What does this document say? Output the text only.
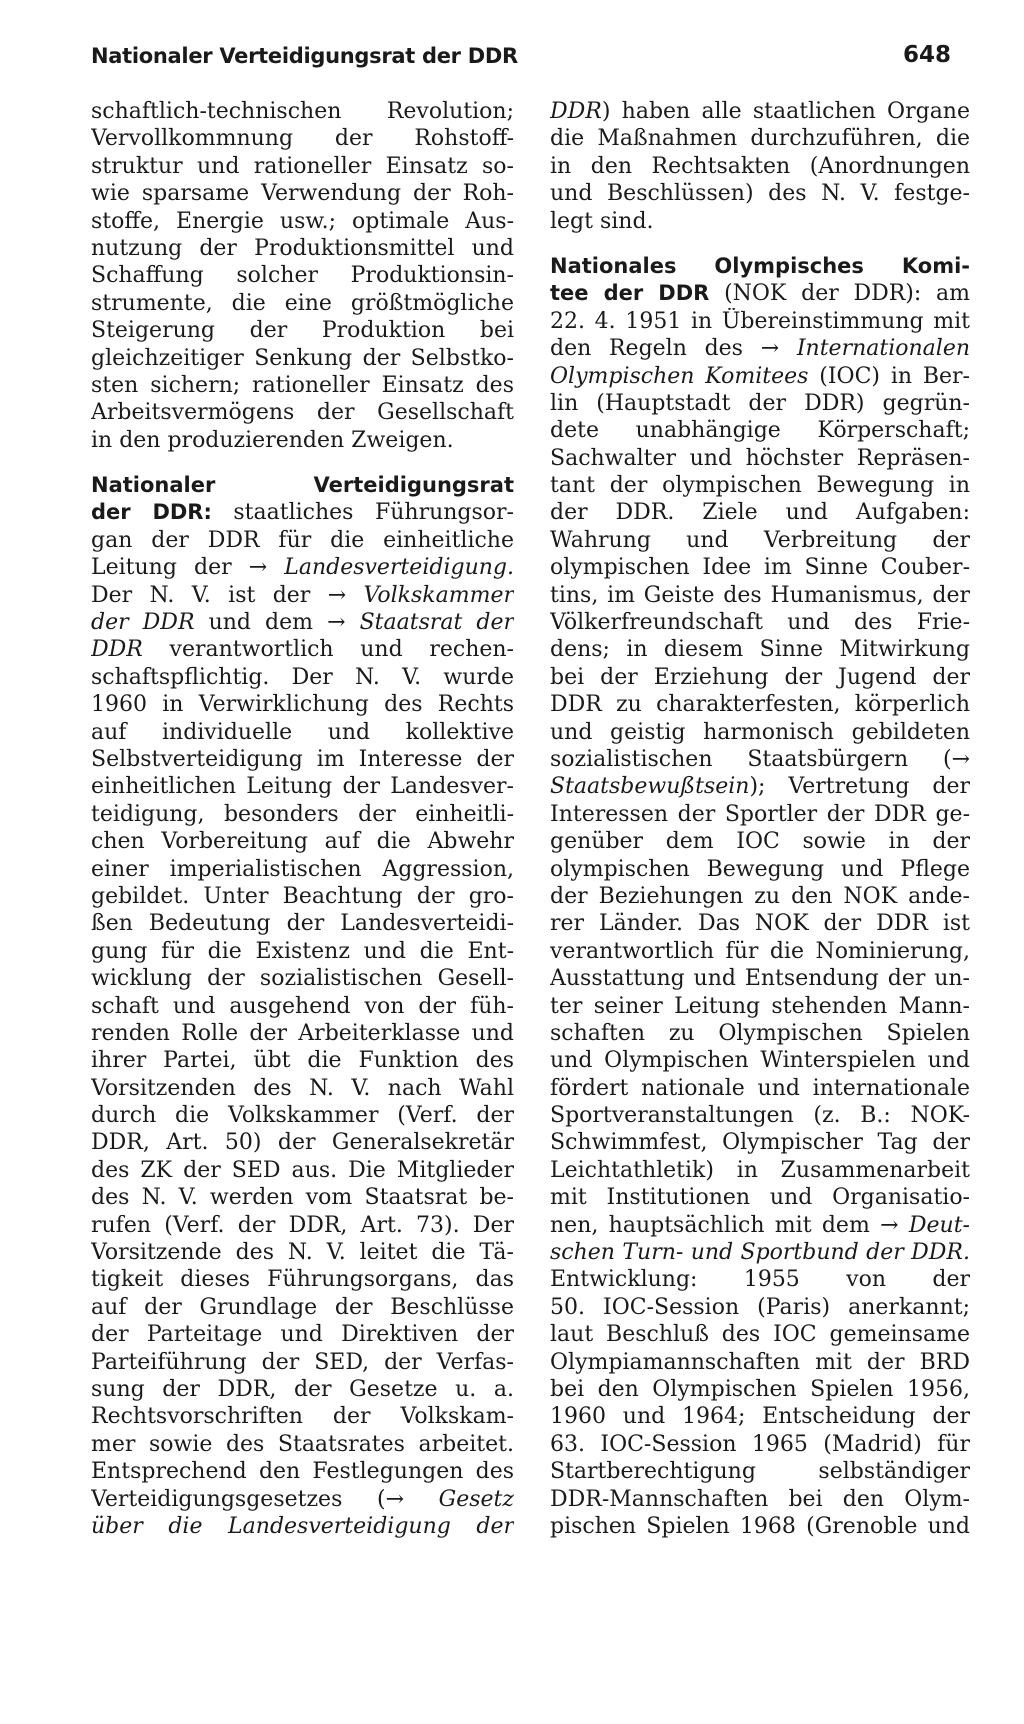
Nationaler Verteidigungsrat der DDR	648
schaftlich-technischen Revolution;
Vervollkommnung der Rohstoff-
struktur und rationeller Einsatz so-
wie sparsame Verwendung der Roh-
stoffe, Energie usw.; optimale Aus-
nutzung der Produktionsmittel und
Schaffung solcher Produktionsin-
strumente, die eine größtmögliche
Steigerung der Produktion bei
gleichzeitiger Senkung der Selbstko-
sten sichern; rationeller Einsatz des
Arbeitsvermögens der Gesellschaft
in den produzierenden Zweigen.
Nationaler Verteidigungsrat
der DDR: staatliches Führungsor-
gan der DDR für die einheitliche
Leitung der → Landesverteidigung.
Der N. V. ist der → Volkskammer
der DDR und dem → Staatsrat der
DDR verantwortlich und rechen-
schaftspflichtig. Der N. V. wurde
1960 in Verwirklichung des Rechts
auf individuelle und kollektive
Selbstverteidigung im Interesse der
einheitlichen Leitung der Landesver-
teidigung, besonders der einheitli-
chen Vorbereitung auf die Abwehr
einer imperialistischen Aggression,
gebildet. Unter Beachtung der gro-
ßen Bedeutung der Landesverteidi-
gung für die Existenz und die Ent-
wicklung der sozialistischen Gesell-
schaft und ausgehend von der füh-
renden Rolle der Arbeiterklasse und
ihrer Partei, übt die Funktion des
Vorsitzenden des N. V. nach Wahl
durch die Volkskammer (Verf. der
DDR, Art. 50) der Generalsekretär
des ZK der SED aus. Die Mitglieder
des N. V. werden vom Staatsrat be-
rufen (Verf. der DDR, Art. 73). Der
Vorsitzende des N. V. leitet die Tä-
tigkeit dieses Führungsorgans, das
auf der Grundlage der Beschlüsse
der Parteitage und Direktiven der
Parteiführung der SED, der Verfas-
sung der DDR, der Gesetze u. a.
Rechtsvorschriften der Volkskam-
mer sowie des Staatsrates arbeitet.
Entsprechend den Festlegungen des
Verteidigungsgesetzes (→ Gesetz
über die Landesverteidigung der
DDR) haben alle staatlichen Organe
die Maßnahmen durchzuführen, die
in den Rechtsakten (Anordnungen
und Beschlüssen) des N. V. festge-
legt sind.
Nationales Olympisches Komi-
tee der DDR (NOK der DDR): am
22. 4. 1951 in Übereinstimmung mit
den Regeln des → Internationalen
Olympischen Komitees (IOC) in Ber-
lin (Hauptstadt der DDR) gegrün-
dete unabhängige Körperschaft;
Sachwalter und höchster Repräsen-
tant der olympischen Bewegung in
der DDR. Ziele und Aufgaben:
Wahrung und Verbreitung der
olympischen Idee im Sinne Couber-
tins, im Geiste des Humanismus, der
Völkerfreundschaft und des Frie-
dens; in diesem Sinne Mitwirkung
bei der Erziehung der Jugend der
DDR zu charakterfesten, körperlich
und geistig harmonisch gebildeten
sozialistischen Staatsbürgern (→
Staatsbewußtsein); Vertretung der
Interessen der Sportler der DDR ge-
genüber dem IOC sowie in der
olympischen Bewegung und Pflege
der Beziehungen zu den NOK ande-
rer Länder. Das NOK der DDR ist
verantwortlich für die Nominierung,
Ausstattung und Entsendung der un-
ter seiner Leitung stehenden Mann-
schaften zu Olympischen Spielen
und Olympischen Winterspielen und
fördert nationale und internationale
Sportveranstaltungen (z. B.: NOK-
Schwimmfest, Olympischer Tag der
Leichtathletik) in Zusammenarbeit
mit Institutionen und Organisatio-
nen, hauptsächlich mit dem → Deut-
schen Turn- und Sportbund der DDR.
Entwicklung: 1955 von der
50. IOC-Session (Paris) anerkannt;
laut Beschluß des IOC gemeinsame
Olympiamannschaften mit der BRD
bei den Olympischen Spielen 1956,
1960 und 1964; Entscheidung der
63. IOC-Session 1965 (Madrid) für
Startberechtigung selbständiger
DDR-Mannschaften bei den Olym-
pischen Spielen 1968 (Grenoble und
